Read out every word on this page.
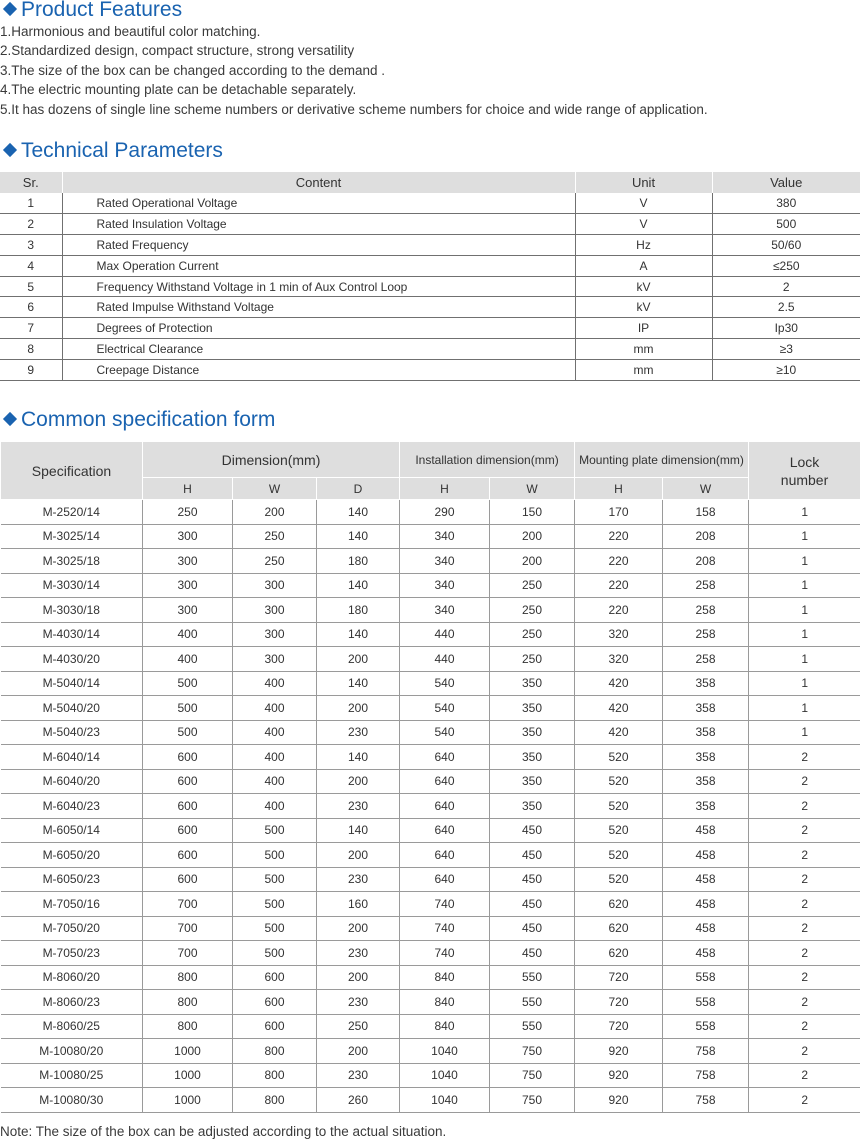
Product Features
1.Harmonious and beautiful color matching.
2.Standardized design, compact structure, strong versatility
3.The size of the box can be changed according to the demand .
4.The electric mounting plate can be detachable separately.
5.It has dozens of single line scheme numbers or derivative scheme numbers for choice and wide range of application.
Technical Parameters
Sr.	Content	Unit	Value
1	Rated Operational Voltage	V	380
2	Rated Insulation Voltage	V	500
3	Rated Frequency	Hz	50/60
4	Max Operation Current	A	≤250
5	Frequency Withstand Voltage in 1 min of Aux Control Loop	kV	2
6	Rated Impulse Withstand Voltage	kV	2.5
7	Degrees of Protection	IP	Ip30
8	Electrical Clearance	mm	≥3
9	Creepage Distance	mm	≥10
Common specification form
Specification	Dimension(mm)			Installation dimension(mm)		Mounting plate dimension(mm)		Lock number
	H	W	D	H	W	H	W	
M-2520/14	250	200	140	290	150	170	158	1
M-3025/14	300	250	140	340	200	220	208	1
M-3025/18	300	250	180	340	200	220	208	1
M-3030/14	300	300	140	340	250	220	258	1
M-3030/18	300	300	180	340	250	220	258	1
M-4030/14	400	300	140	440	250	320	258	1
M-4030/20	400	300	200	440	250	320	258	1
M-5040/14	500	400	140	540	350	420	358	1
M-5040/20	500	400	200	540	350	420	358	1
M-5040/23	500	400	230	540	350	420	358	1
M-6040/14	600	400	140	640	350	520	358	2
M-6040/20	600	400	200	640	350	520	358	2
M-6040/23	600	400	230	640	350	520	358	2
M-6050/14	600	500	140	640	450	520	458	2
M-6050/20	600	500	200	640	450	520	458	2
M-6050/23	600	500	230	640	450	520	458	2
M-7050/16	700	500	160	740	450	620	458	2
M-7050/20	700	500	200	740	450	620	458	2
M-7050/23	700	500	230	740	450	620	458	2
M-8060/20	800	600	200	840	550	720	558	2
M-8060/23	800	600	230	840	550	720	558	2
M-8060/25	800	600	250	840	550	720	558	2
M-10080/20	1000	800	200	1040	750	920	758	2
M-10080/25	1000	800	230	1040	750	920	758	2
M-10080/30	1000	800	260	1040	750	920	758	2
Note: The size of the box can be adjusted according to the actual situation.
